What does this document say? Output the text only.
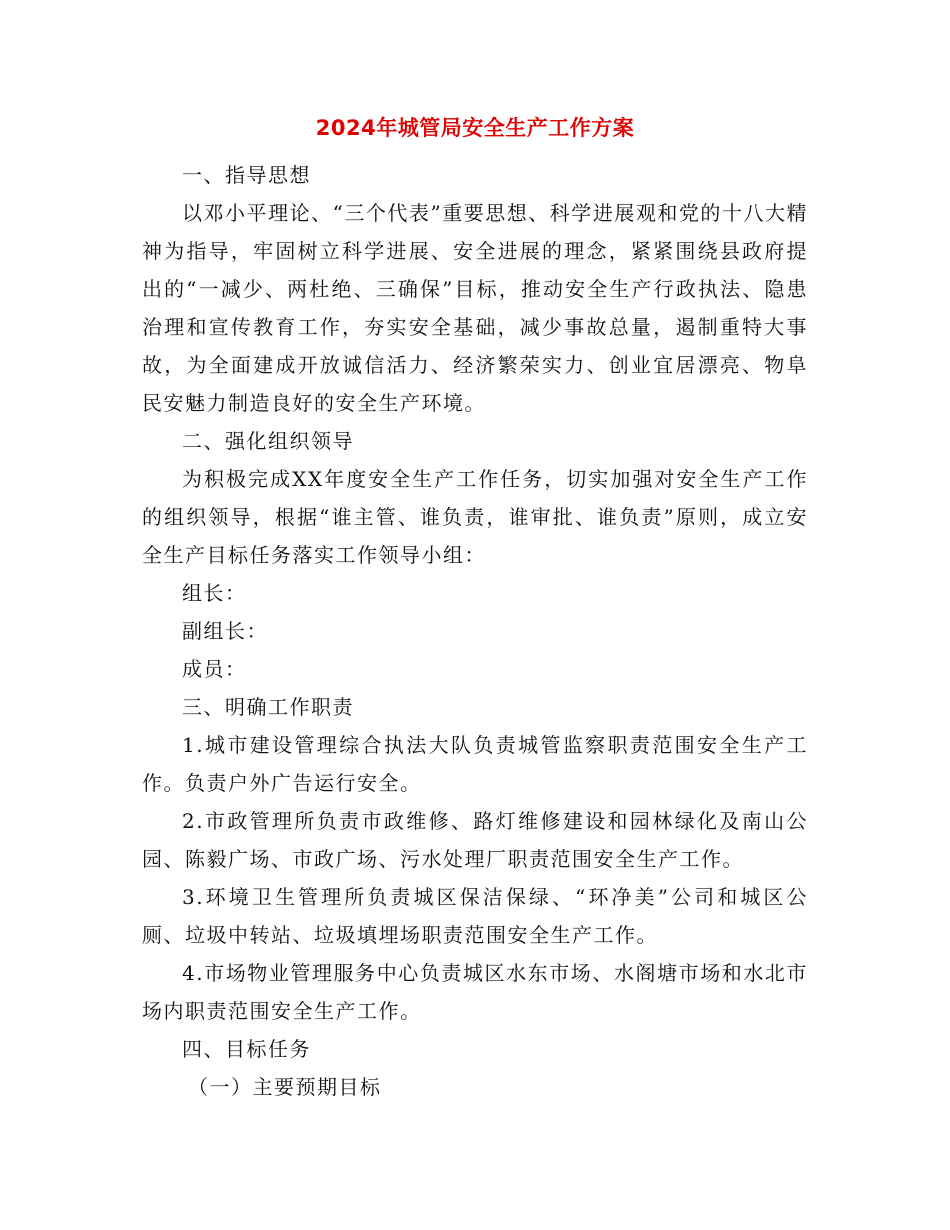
2024年城管局安全生产工作方案

一、指导思想

以邓小平理论、“三个代表”重要思想、科学进展观和党的十八大精神为指导，牢固树立科学进展、安全进展的理念，紧紧围绕县政府提出的“一减少、两杜绝、三确保”目标，推动安全生产行政执法、隐患治理和宣传教育工作，夯实安全基础，减少事故总量，遏制重特大事故，为全面建成开放诚信活力、经济繁荣实力、创业宜居漂亮、物阜民安魅力制造良好的安全生产环境。

二、强化组织领导

为积极完成XX年度安全生产工作任务，切实加强对安全生产工作的组织领导，根据“谁主管、谁负责，谁审批、谁负责”原则，成立安全生产目标任务落实工作领导小组：

组长：

副组长：

成员：

三、明确工作职责

1.城市建设管理综合执法大队负责城管监察职责范围安全生产工作。负责户外广告运行安全。

2.市政管理所负责市政维修、路灯维修建设和园林绿化及南山公园、陈毅广场、市政广场、污水处理厂职责范围安全生产工作。

3.环境卫生管理所负责城区保洁保绿、“环净美”公司和城区公厕、垃圾中转站、垃圾填埋场职责范围安全生产工作。

4.市场物业管理服务中心负责城区水东市场、水阁塘市场和水北市场内职责范围安全生产工作。

四、目标任务

（一）主要预期目标
